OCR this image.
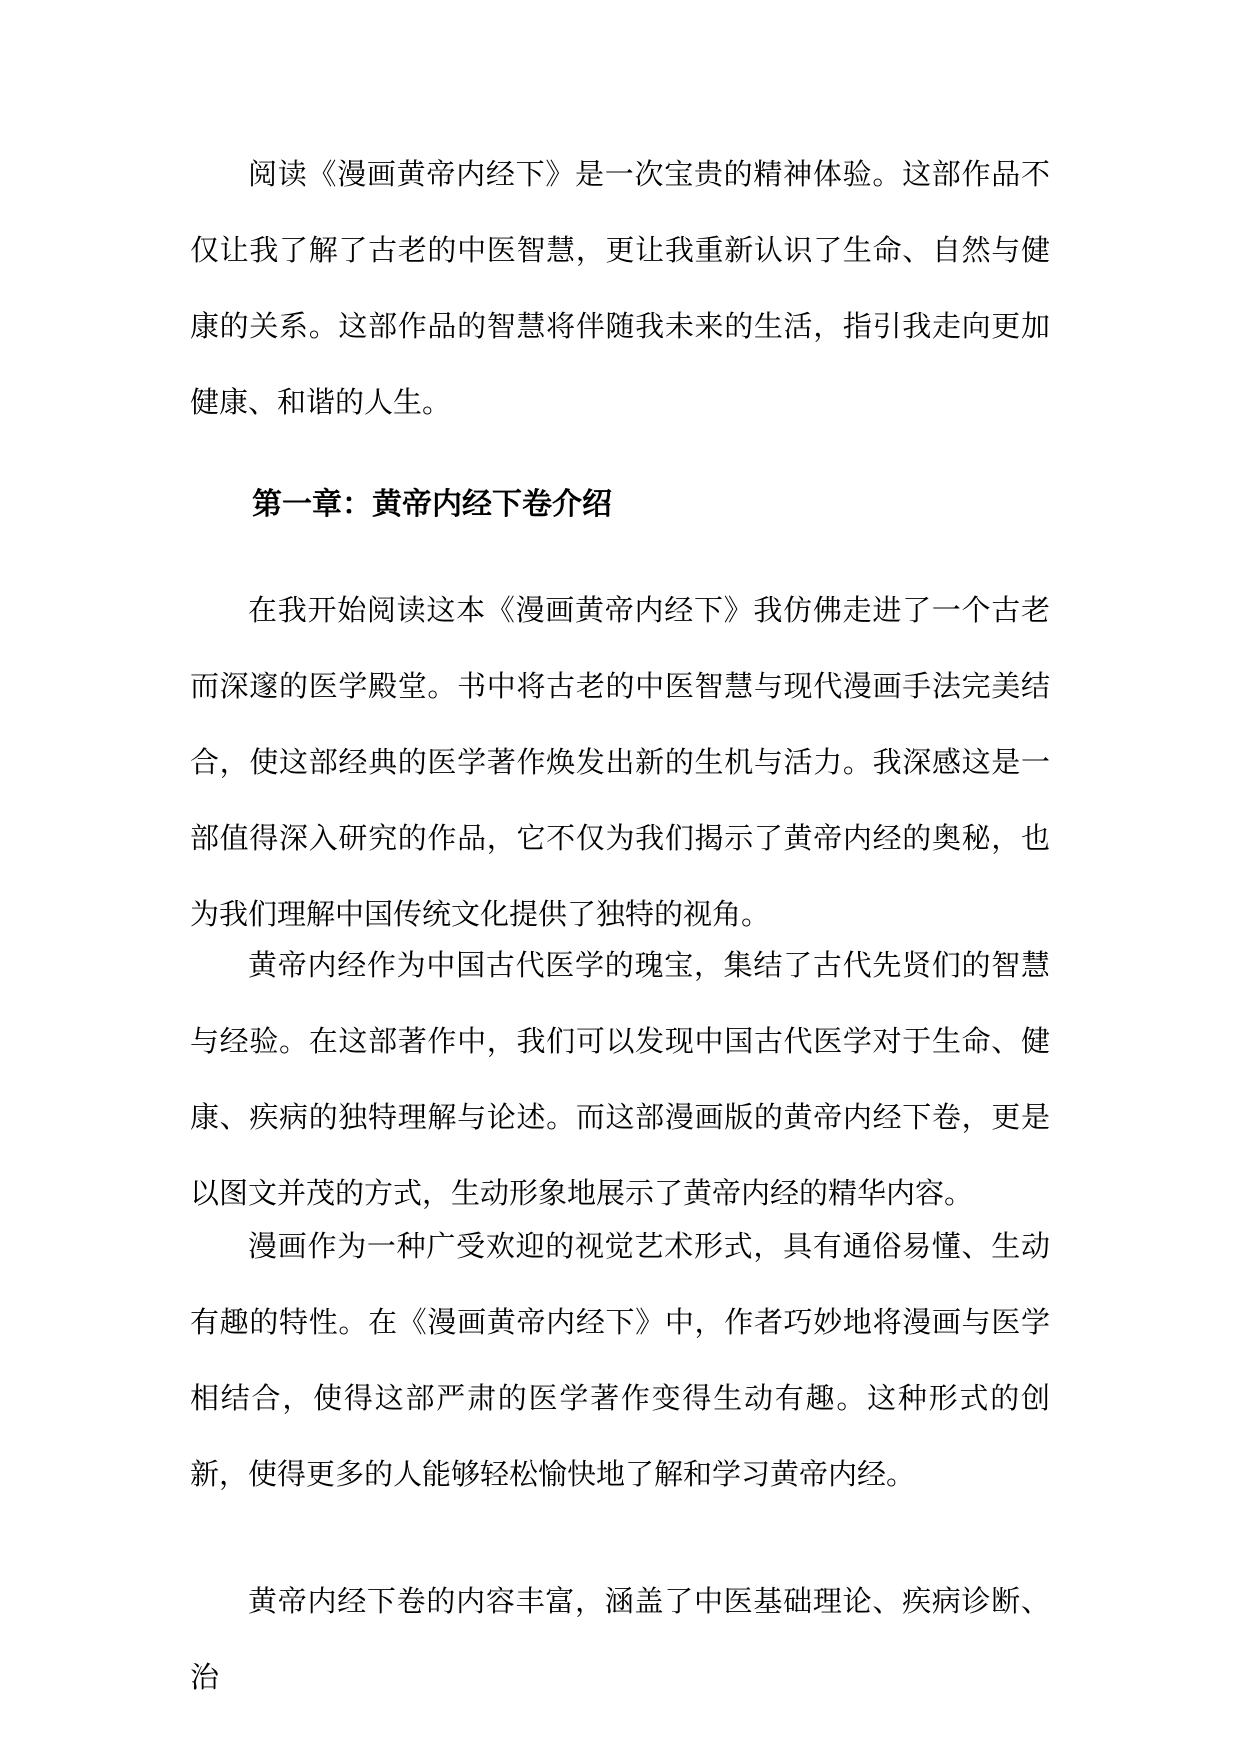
阅读《漫画黄帝内经下》是一次宝贵的精神体验。这部作品不仅让我了解了古老的中医智慧，更让我重新认识了生命、自然与健康的关系。这部作品的智慧将伴随我未来的生活，指引我走向更加健康、和谐的人生。

第一章：黄帝内经下卷介绍

在我开始阅读这本《漫画黄帝内经下》我仿佛走进了一个古老而深邃的医学殿堂。书中将古老的中医智慧与现代漫画手法完美结合，使这部经典的医学著作焕发出新的生机与活力。我深感这是一部值得深入研究的作品，它不仅为我们揭示了黄帝内经的奥秘，也为我们理解中国传统文化提供了独特的视角。

黄帝内经作为中国古代医学的瑰宝，集结了古代先贤们的智慧与经验。在这部著作中，我们可以发现中国古代医学对于生命、健康、疾病的独特理解与论述。而这部漫画版的黄帝内经下卷，更是以图文并茂的方式，生动形象地展示了黄帝内经的精华内容。

漫画作为一种广受欢迎的视觉艺术形式，具有通俗易懂、生动有趣的特性。在《漫画黄帝内经下》中，作者巧妙地将漫画与医学相结合，使得这部严肃的医学著作变得生动有趣。这种形式的创新，使得更多的人能够轻松愉快地了解和学习黄帝内经。

黄帝内经下卷的内容丰富，涵盖了中医基础理论、疾病诊断、治
